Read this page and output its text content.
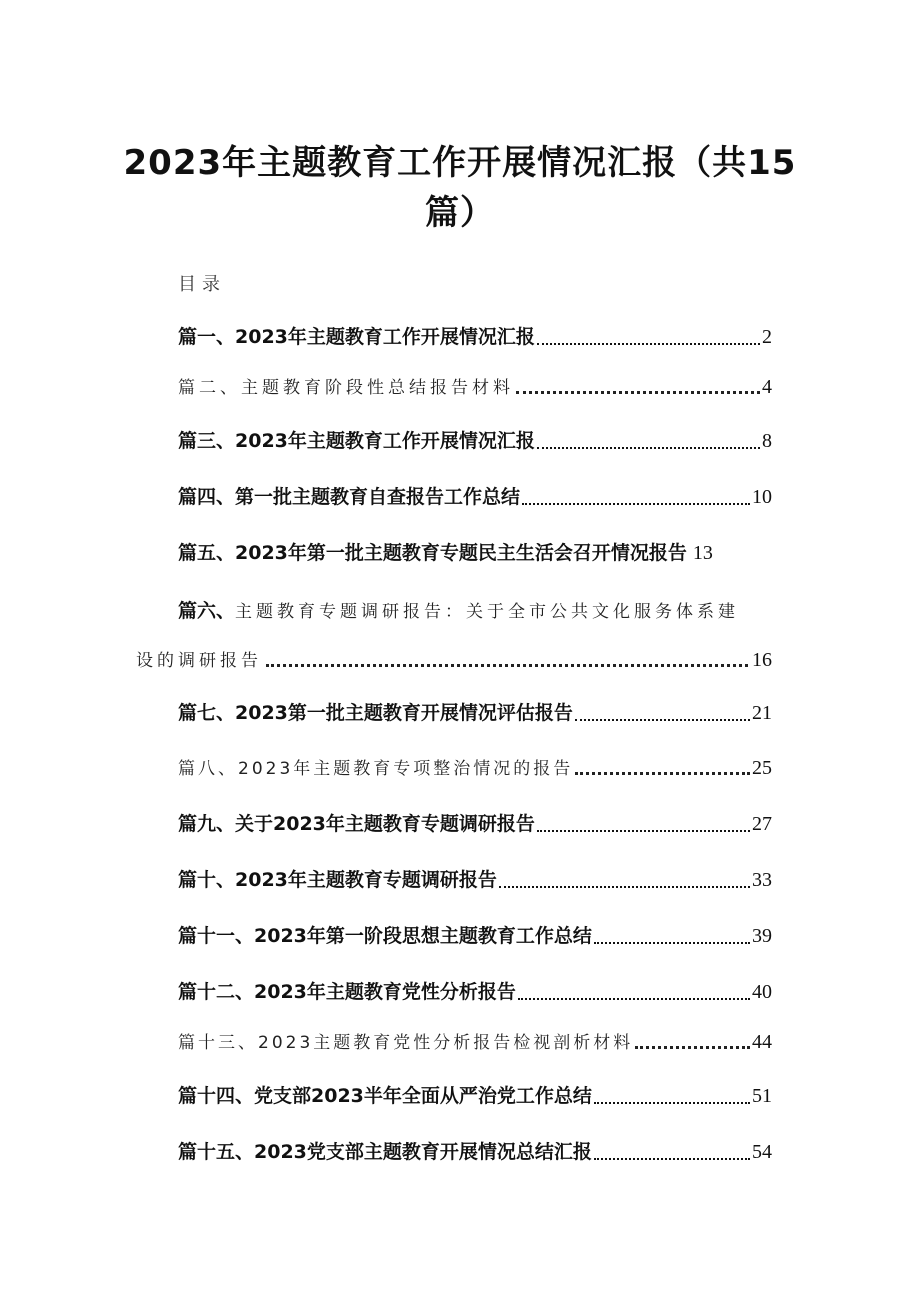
2023年主题教育工作开展情况汇报（共15
篇）
目录
篇一、2023年主题教育工作开展情况汇报	2
篇二、主题教育阶段性总结报告材料	4
篇三、2023年主题教育工作开展情况汇报	8
篇四、第一批主题教育自查报告工作总结	10
篇五、2023年第一批主题教育专题民主生活会召开情况报告 13
篇六、主题教育专题调研报告：关于全市公共文化服务体系建
设的调研报告	16
篇七、2023第一批主题教育开展情况评估报告	21
篇八、2023年主题教育专项整治情况的报告	25
篇九、关于2023年主题教育专题调研报告	27
篇十、2023年主题教育专题调研报告	33
篇十一、2023年第一阶段思想主题教育工作总结	39
篇十二、2023年主题教育党性分析报告	40
篇十三、2023主题教育党性分析报告检视剖析材料	44
篇十四、党支部2023半年全面从严治党工作总结	51
篇十五、2023党支部主题教育开展情况总结汇报	54
